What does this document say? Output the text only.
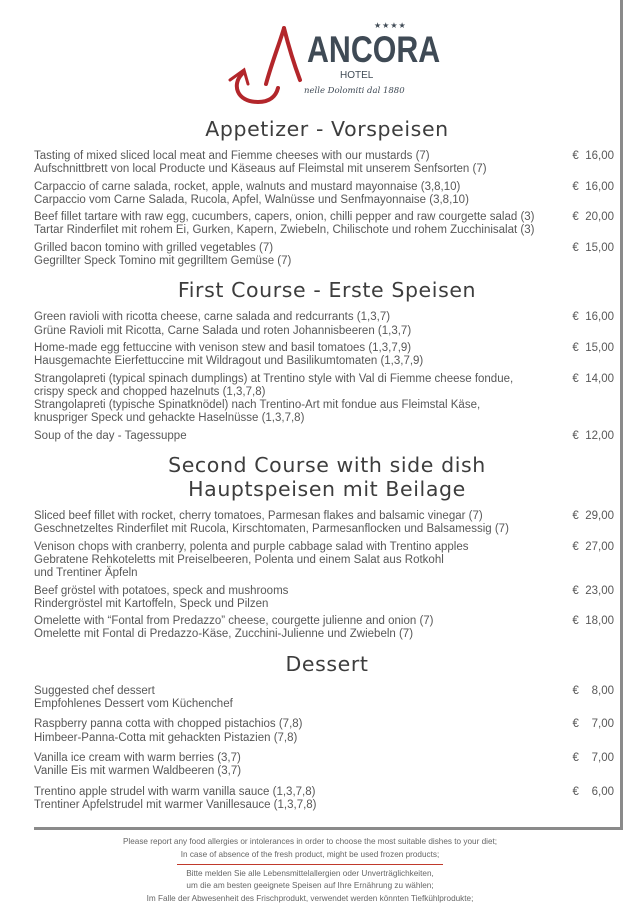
★★★★
ANCORA
HOTEL
nelle Dolomiti dal 1880
Appetizer - Vorspeisen
Tasting of mixed sliced local meat and Fiemme cheeses with our mustards (7)
Aufschnittbrett von local Producte und Käseaus auf Fleimstal mit unserem Senfsorten (7)
€  16,00
Carpaccio of carne salada, rocket, apple, walnuts and mustard mayonnaise (3,8,10)
Carpaccio vom Carne Salada, Rucola, Apfel, Walnüsse und Senfmayonnaise (3,8,10)
€  16,00
Beef fillet tartare with raw egg, cucumbers, capers, onion, chilli pepper and raw courgette salad (3)
Tartar Rinderfilet mit rohem Ei, Gurken, Kapern, Zwiebeln, Chilischote und rohem Zucchinisalat (3)
€  20,00
Grilled bacon tomino with grilled vegetables (7)
Gegrillter Speck Tomino mit gegrilltem Gemüse (7)
€  15,00
First Course - Erste Speisen
Green ravioli with ricotta cheese, carne salada and redcurrants (1,3,7)
Grüne Ravioli mit Ricotta, Carne Salada und roten Johannisbeeren (1,3,7)
€  16,00
Home-made egg fettuccine with venison stew and basil tomatoes (1,3,7,9)
Hausgemachte Eierfettuccine mit Wildragout und Basilikumtomaten (1,3,7,9)
€  15,00
Strangolapreti (typical spinach dumplings) at Trentino style with Val di Fiemme cheese fondue,
crispy speck and chopped hazelnuts (1,3,7,8)
Strangolapreti (typische Spinatknödel) nach Trentino-Art mit fondue aus Fleimstal Käse,
knuspriger Speck und gehackte Haselnüsse (1,3,7,8)
€  14,00
Soup of the day - Tagessuppe	€  12,00
Second Course with side dish
Hauptspeisen mit Beilage
Sliced beef fillet with rocket, cherry tomatoes, Parmesan flakes and balsamic vinegar (7)
Geschnetzeltes Rinderfilet mit Rucola, Kirschtomaten, Parmesanflocken und Balsamessig (7)
€  29,00
Venison chops with cranberry, polenta and purple cabbage salad with Trentino apples
Gebratene Rehkoteletts mit Preiselbeeren, Polenta und einem Salat aus Rotkohl
und Trentiner Äpfeln
€  27,00
Beef gröstel with potatoes, speck and mushrooms
Rindergröstel mit Kartoffeln, Speck und Pilzen
€  23,00
Omelette with “Fontal from Predazzo” cheese, courgette julienne and onion (7)
Omelette mit Fontal di Predazzo-Käse, Zucchini-Julienne und Zwiebeln (7)
€  18,00
Dessert
Suggested chef dessert
Empfohlenes Dessert vom Küchenchef
€    8,00
Raspberry panna cotta with chopped pistachios (7,8)
Himbeer-Panna-Cotta mit gehackten Pistazien (7,8)
€    7,00
Vanilla ice cream with warm berries (3,7)
Vanille Eis mit warmen Waldbeeren (3,7)
€    7,00
Trentino apple strudel with warm vanilla sauce (1,3,7,8)
Trentiner Apfelstrudel mit warmer Vanillesauce (1,3,7,8)
€    6,00
Please report any food allergies or intolerances in order to choose the most suitable dishes to your diet;
In case of absence of the fresh product, might be used frozen products;
Bitte melden Sie alle Lebensmittelallergien oder Unverträglichkeiten,
um die am besten geeignete Speisen auf Ihre Ernährung zu wählen;
Im Falle der Abwesenheit des Frischprodukt, verwendet werden könnten Tiefkühlprodukte;
